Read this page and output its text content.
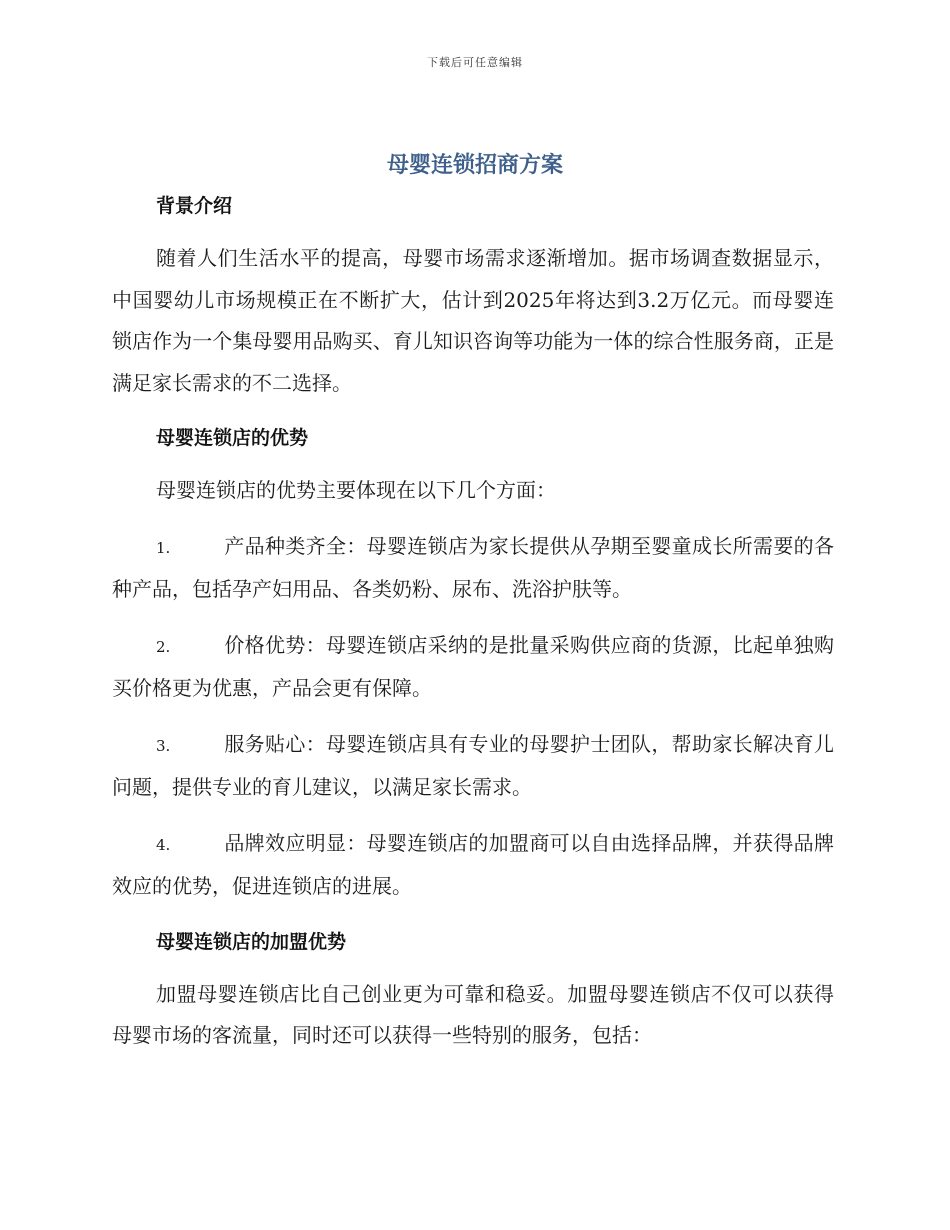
下载后可任意编辑
母婴连锁招商方案
背景介绍

随着人们生活水平的提高，母婴市场需求逐渐增加。据市场调查数据显示，中国婴幼儿市场规模正在不断扩大，估计到2025年将达到3.2万亿元。而母婴连锁店作为一个集母婴用品购买、育儿知识咨询等功能为一体的综合性服务商，正是满足家长需求的不二选择。

母婴连锁店的优势

母婴连锁店的优势主要体现在以下几个方面：

1.	产品种类齐全：母婴连锁店为家长提供从孕期至婴童成长所需要的各种产品，包括孕产妇用品、各类奶粉、尿布、洗浴护肤等。

2.	价格优势：母婴连锁店采纳的是批量采购供应商的货源，比起单独购买价格更为优惠，产品会更有保障。

3.	服务贴心：母婴连锁店具有专业的母婴护士团队，帮助家长解决育儿问题，提供专业的育儿建议，以满足家长需求。

4.	品牌效应明显：母婴连锁店的加盟商可以自由选择品牌，并获得品牌效应的优势，促进连锁店的进展。

母婴连锁店的加盟优势

加盟母婴连锁店比自己创业更为可靠和稳妥。加盟母婴连锁店不仅可以获得母婴市场的客流量，同时还可以获得一些特别的服务，包括：
